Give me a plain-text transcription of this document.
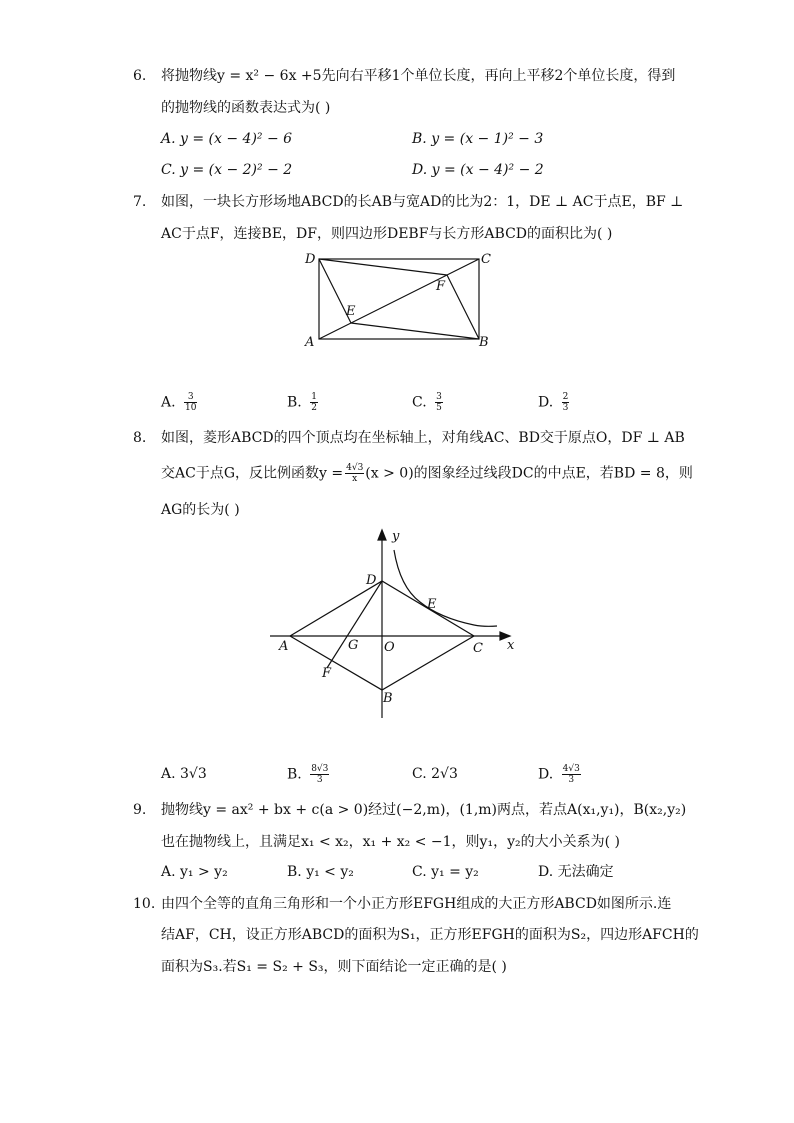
6. 将抛物线y = x² − 6x +5先向右平移1个单位长度，再向上平移2个单位长度，得到
的抛物线的函数表达式为( )
A. y = (x − 4)² − 6	B. y = (x − 1)² − 3
C. y = (x − 2)² − 2	D. y = (x − 4)² − 2
7. 如图，一块长方形场地ABCD的长AB与宽AD的比为2：1，DE ⊥ AC于点E，BF ⊥
AC于点F，连接BE，DF，则四边形DEBF与长方形ABCD的面积比为( )
D	C
F
E
A	B
A. $\frac{3}{10}$	B. $\frac{1}{2}$	C. $\frac{3}{5}$	D. $\frac{2}{3}$
8. 如图，菱形ABCD的四个顶点均在坐标轴上，对角线AC、BD交于原点O，DF ⊥ AB
交AC于点G，反比例函数$y = \frac{4√3}{x} (x > 0)$的图象经过线段DC的中点E，若BD = 8，则
AG的长为( )
y
x
D
E
A	G O	C
F
B
A. 3√3	B. $\frac{8√3}{3}$	C. 2√3	D. $\frac{4√3}{3}$
9. 抛物线y = ax² + bx + c(a > 0)经过(−2,m)，(1,m)两点，若点A(x₁,y₁)，B(x₂,y₂)
也在抛物线上，且满足x₁ < x₂，x₁ + x₂ < −1，则y₁，y₂的大小关系为( )
A. y₁ > y₂	B. y₁ < y₂	C. y₁ = y₂	D. 无法确定
10. 由四个全等的直角三角形和一个小正方形EFGH组成的大正方形ABCD如图所示.连
结AF，CH，设正方形ABCD的面积为S₁，正方形EFGH的面积为S₂，四边形AFCH的
面积为S₃.若S₁ = S₂ + S₃，则下面结论一定正确的是( )
